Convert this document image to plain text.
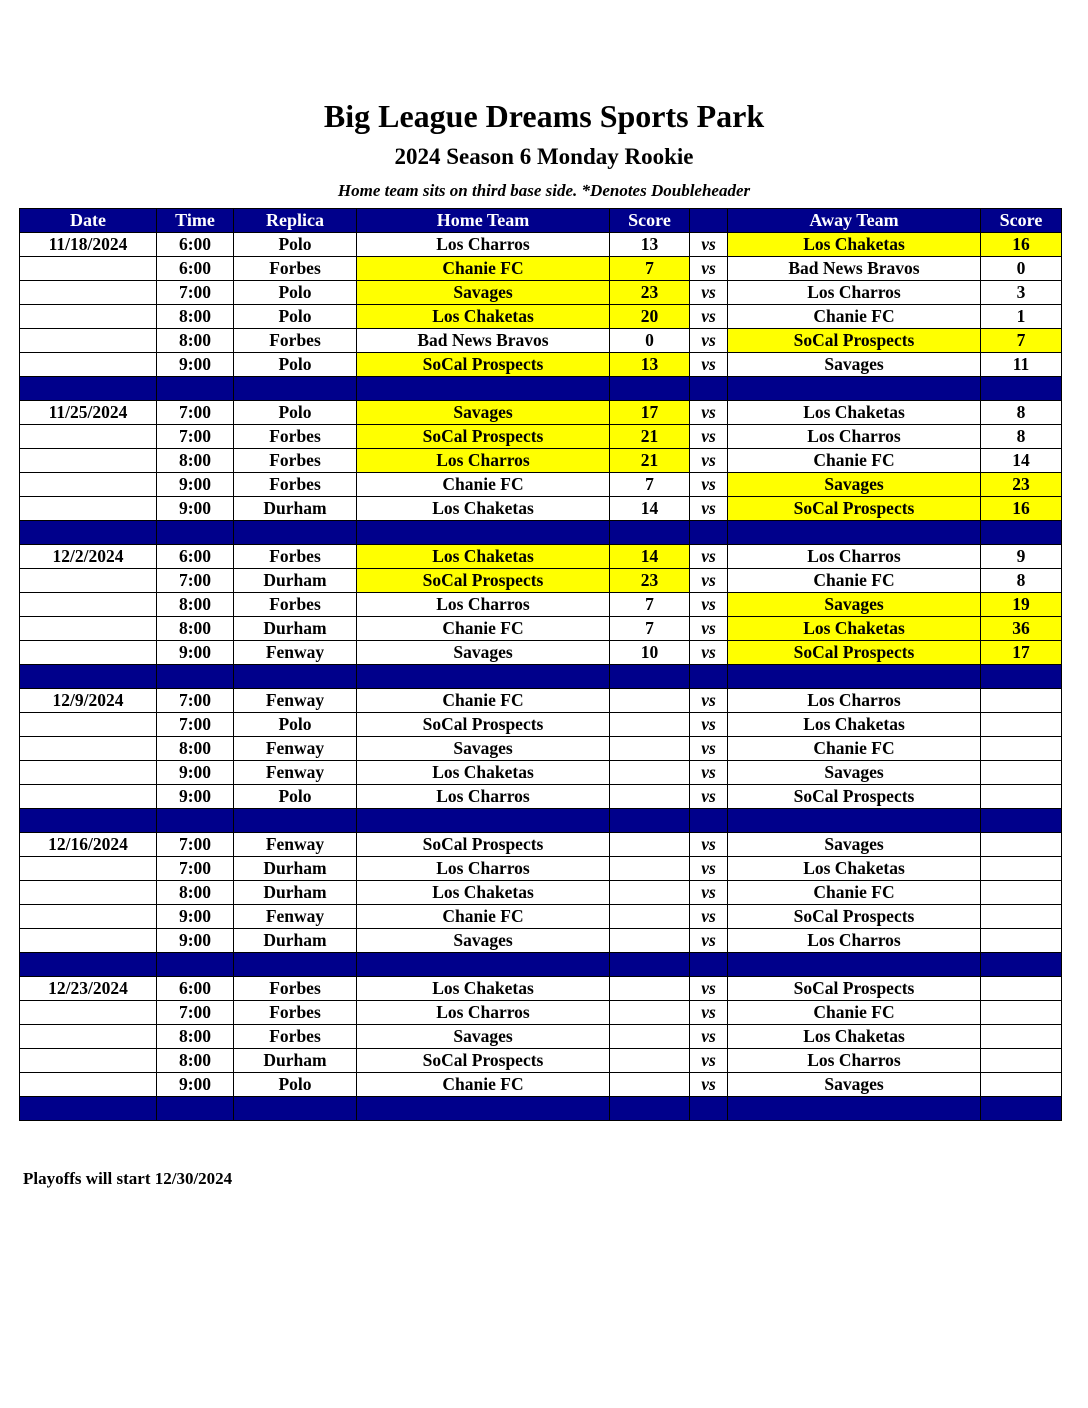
Big League Dreams Sports Park
2024 Season 6 Monday Rookie
Home team sits on third base side. *Denotes Doubleheader
Date	Time	Replica	Home Team	Score		Away Team	Score
11/18/2024	6:00	Polo	Los Charros	13	vs	Los Chaketas	16
	6:00	Forbes	Chanie FC	7	vs	Bad News Bravos	0
	7:00	Polo	Savages	23	vs	Los Charros	3
	8:00	Polo	Los Chaketas	20	vs	Chanie FC	1
	8:00	Forbes	Bad News Bravos	0	vs	SoCal Prospects	7
	9:00	Polo	SoCal Prospects	13	vs	Savages	11

11/25/2024	7:00	Polo	Savages	17	vs	Los Chaketas	8
	7:00	Forbes	SoCal Prospects	21	vs	Los Charros	8
	8:00	Forbes	Los Charros	21	vs	Chanie FC	14
	9:00	Forbes	Chanie FC	7	vs	Savages	23
	9:00	Durham	Los Chaketas	14	vs	SoCal Prospects	16

12/2/2024	6:00	Forbes	Los Chaketas	14	vs	Los Charros	9
	7:00	Durham	SoCal Prospects	23	vs	Chanie FC	8
	8:00	Forbes	Los Charros	7	vs	Savages	19
	8:00	Durham	Chanie FC	7	vs	Los Chaketas	36
	9:00	Fenway	Savages	10	vs	SoCal Prospects	17

12/9/2024	7:00	Fenway	Chanie FC		vs	Los Charros	
	7:00	Polo	SoCal Prospects		vs	Los Chaketas	
	8:00	Fenway	Savages		vs	Chanie FC	
	9:00	Fenway	Los Chaketas		vs	Savages	
	9:00	Polo	Los Charros		vs	SoCal Prospects	

12/16/2024	7:00	Fenway	SoCal Prospects		vs	Savages	
	7:00	Durham	Los Charros		vs	Los Chaketas	
	8:00	Durham	Los Chaketas		vs	Chanie FC	
	9:00	Fenway	Chanie FC		vs	SoCal Prospects	
	9:00	Durham	Savages		vs	Los Charros	

12/23/2024	6:00	Forbes	Los Chaketas		vs	SoCal Prospects	
	7:00	Forbes	Los Charros		vs	Chanie FC	
	8:00	Forbes	Savages		vs	Los Chaketas	
	8:00	Durham	SoCal Prospects		vs	Los Charros	
	9:00	Polo	Chanie FC		vs	Savages	

Playoffs will start 12/30/2024
